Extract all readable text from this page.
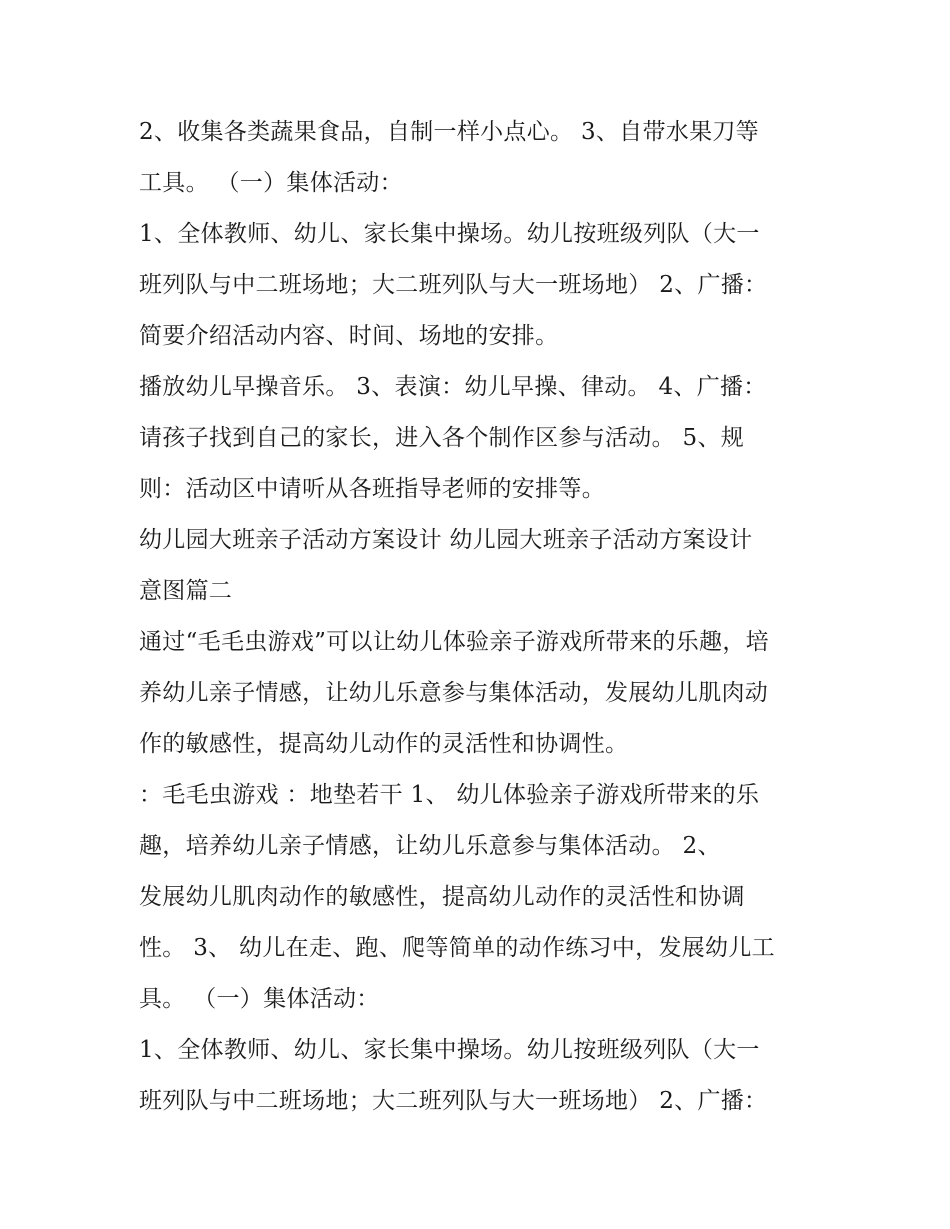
2、收集各类蔬果食品，自制一样小点心。 3、自带水果刀等
工具。 （一）集体活动：
1、全体教师、幼儿、家长集中操场。幼儿按班级列队（大一
班列队与中二班场地；大二班列队与大一班场地） 2、广播：
简要介绍活动内容、时间、场地的安排。
播放幼儿早操音乐。 3、表演：幼儿早操、律动。 4、广播：
请孩子找到自己的家长，进入各个制作区参与活动。 5、规
则：活动区中请听从各班指导老师的安排等。
幼儿园大班亲子活动方案设计 幼儿园大班亲子活动方案设计
意图篇二
通过“毛毛虫游戏”可以让幼儿体验亲子游戏所带来的乐趣，培
养幼儿亲子情感，让幼儿乐意参与集体活动，发展幼儿肌肉动
作的敏感性，提高幼儿动作的灵活性和协调性。
：毛毛虫游戏 ：地垫若干 1、 幼儿体验亲子游戏所带来的乐
趣，培养幼儿亲子情感，让幼儿乐意参与集体活动。 2、
发展幼儿肌肉动作的敏感性，提高幼儿动作的灵活性和协调
性。 3、 幼儿在走、跑、爬等简单的动作练习中，发展幼儿工
具。 （一）集体活动：
1、全体教师、幼儿、家长集中操场。幼儿按班级列队（大一
班列队与中二班场地；大二班列队与大一班场地） 2、广播：
